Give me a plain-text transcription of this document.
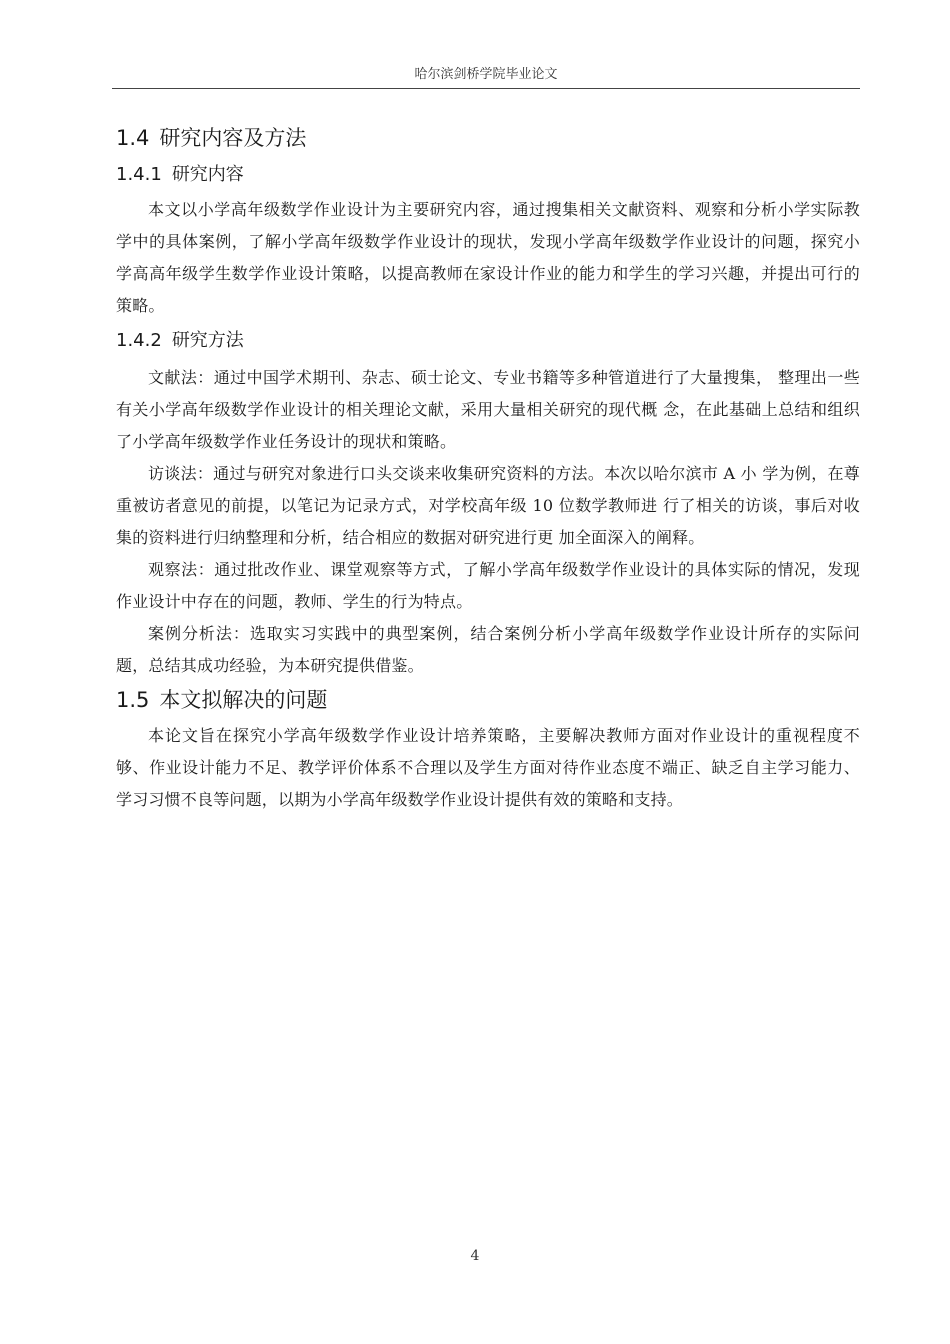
哈尔滨剑桥学院毕业论文
1.4 研究内容及方法
1.4.1 研究内容

本文以小学高年级数学作业设计为主要研究内容，通过搜集相关文献资料、观察和分析小学实际教学中的具体案例，了解小学高年级数学作业设计的现状，发现小学高年级数学作业设计的问题，探究小学高高年级学生数学作业设计策略，以提高教师在家设计作业的能力和学生的学习兴趣，并提出可行的策略。

1.4.2 研究方法

文献法：通过中国学术期刊、杂志、硕士论文、专业书籍等多种管道进行了大量搜集， 整理出一些有关小学高年级数学作业设计的相关理论文献，采用大量相关研究的现代概 念，在此基础上总结和组织了小学高年级数学作业任务设计的现状和策略。

访谈法：通过与研究对象进行口头交谈来收集研究资料的方法。本次以哈尔滨市 A 小 学为例，在尊重被访者意见的前提，以笔记为记录方式，对学校高年级 10 位数学教师进 行了相关的访谈，事后对收集的资料进行归纳整理和分析，结合相应的数据对研究进行更 加全面深入的阐释。

观察法：通过批改作业、课堂观察等方式，了解小学高年级数学作业设计的具体实际的情况，发现作业设计中存在的问题，教师、学生的行为特点。

案例分析法：选取实习实践中的典型案例，结合案例分析小学高年级数学作业设计所存的实际问题，总结其成功经验，为本研究提供借鉴。

1.5 本文拟解决的问题

本论文旨在探究小学高年级数学作业设计培养策略，主要解决教师方面对作业设计的重视程度不够、作业设计能力不足、教学评价体系不合理以及学生方面对待作业态度不端正、缺乏自主学习能力、学习习惯不良等问题，以期为小学高年级数学作业设计提供有效的策略和支持。

4
